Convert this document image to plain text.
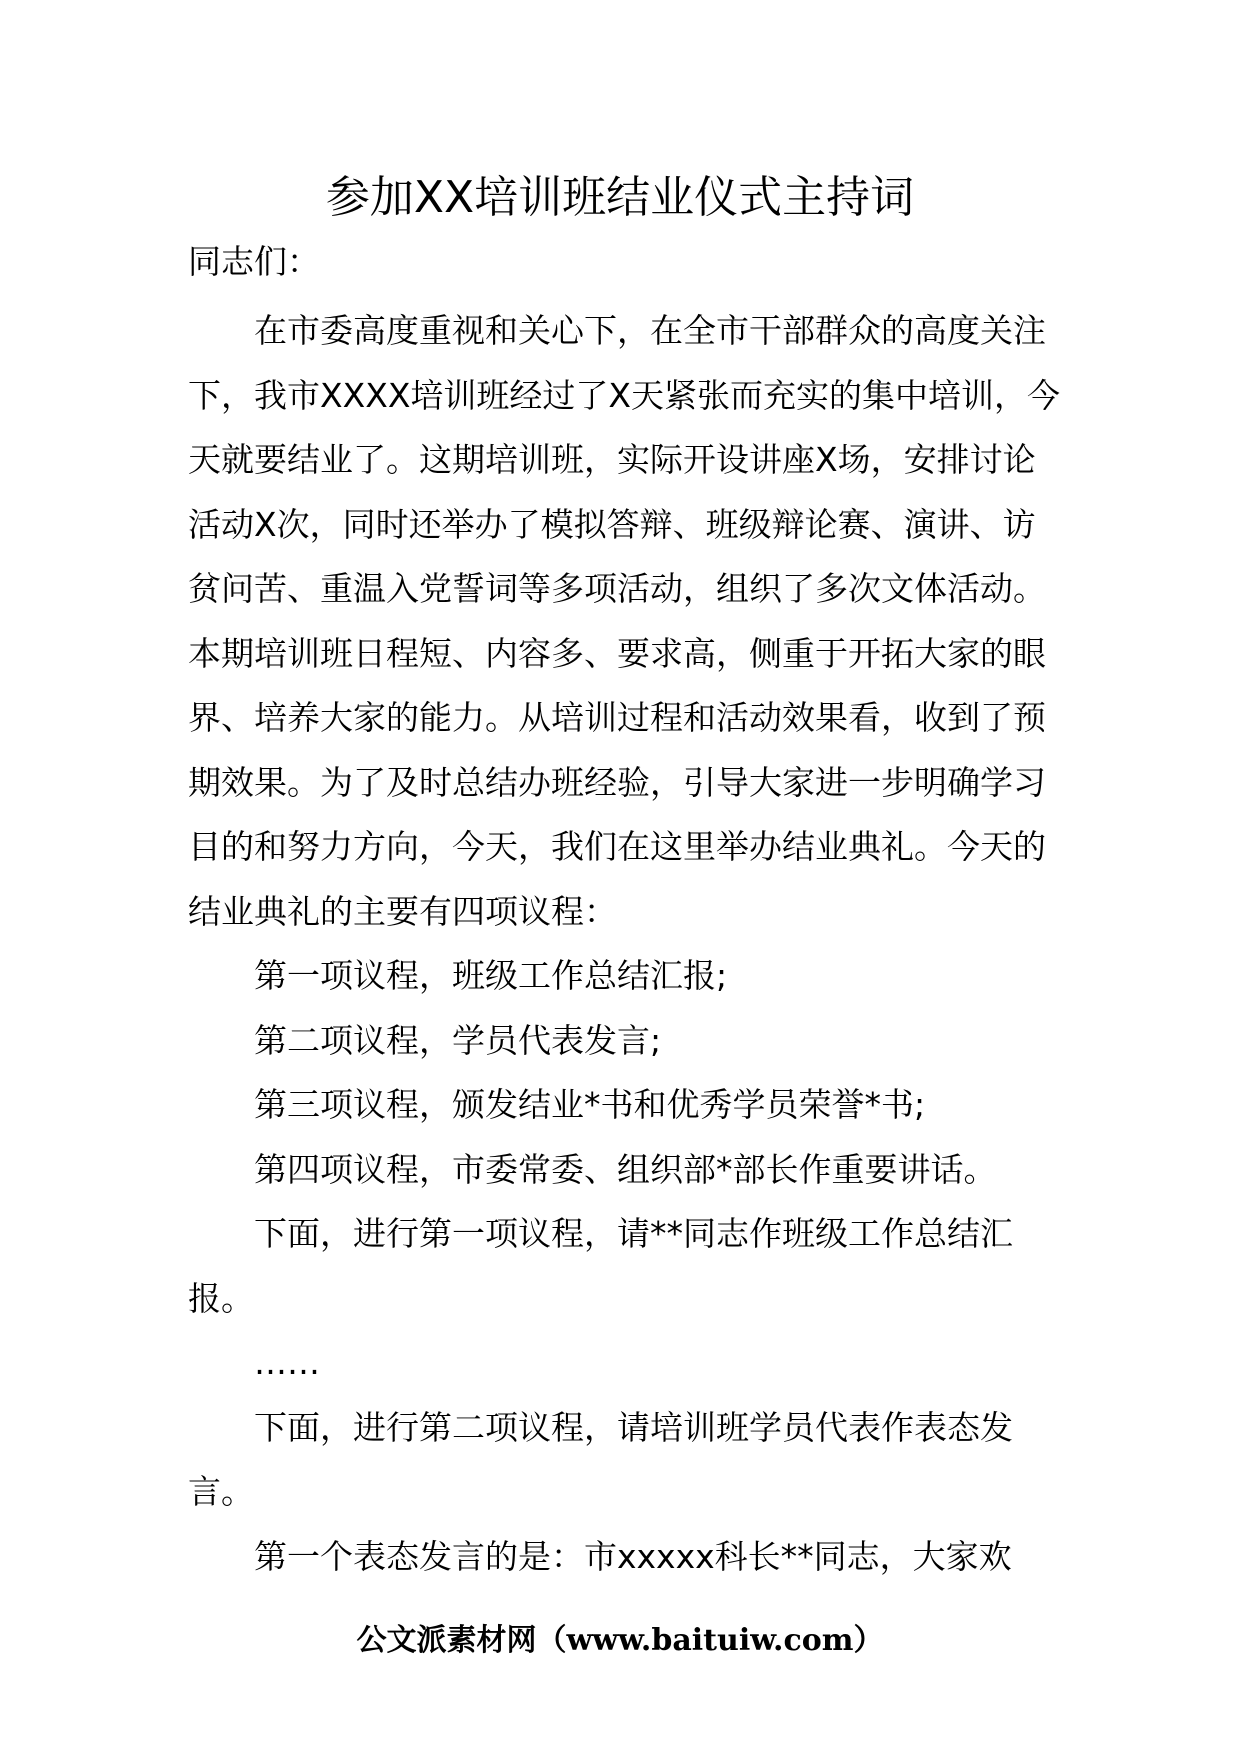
参加XX培训班结业仪式主持词
同志们：

在市委高度重视和关心下，在全市干部群众的高度关注下，我市XXXX培训班经过了X天紧张而充实的集中培训，今天就要结业了。这期培训班，实际开设讲座X场，安排讨论活动X次，同时还举办了模拟答辩、班级辩论赛、演讲、访贫问苦、重温入党誓词等多项活动，组织了多次文体活动。本期培训班日程短、内容多、要求高，侧重于开拓大家的眼界、培养大家的能力。从培训过程和活动效果看，收到了预期效果。为了及时总结办班经验，引导大家进一步明确学习目的和努力方向，今天，我们在这里举办结业典礼。今天的结业典礼的主要有四项议程：

第一项议程，班级工作总结汇报;

第二项议程，学员代表发言;

第三项议程，颁发结业*书和优秀学员荣誉*书;

第四项议程，市委常委、组织部*部长作重要讲话。

下面，进行第一项议程，请**同志作班级工作总结汇报。

……

下面，进行第二项议程，请培训班学员代表作表态发言。

第一个表态发言的是：市xxxxx科长**同志，大家欢

公文派素材网（www.baituiw.com）
